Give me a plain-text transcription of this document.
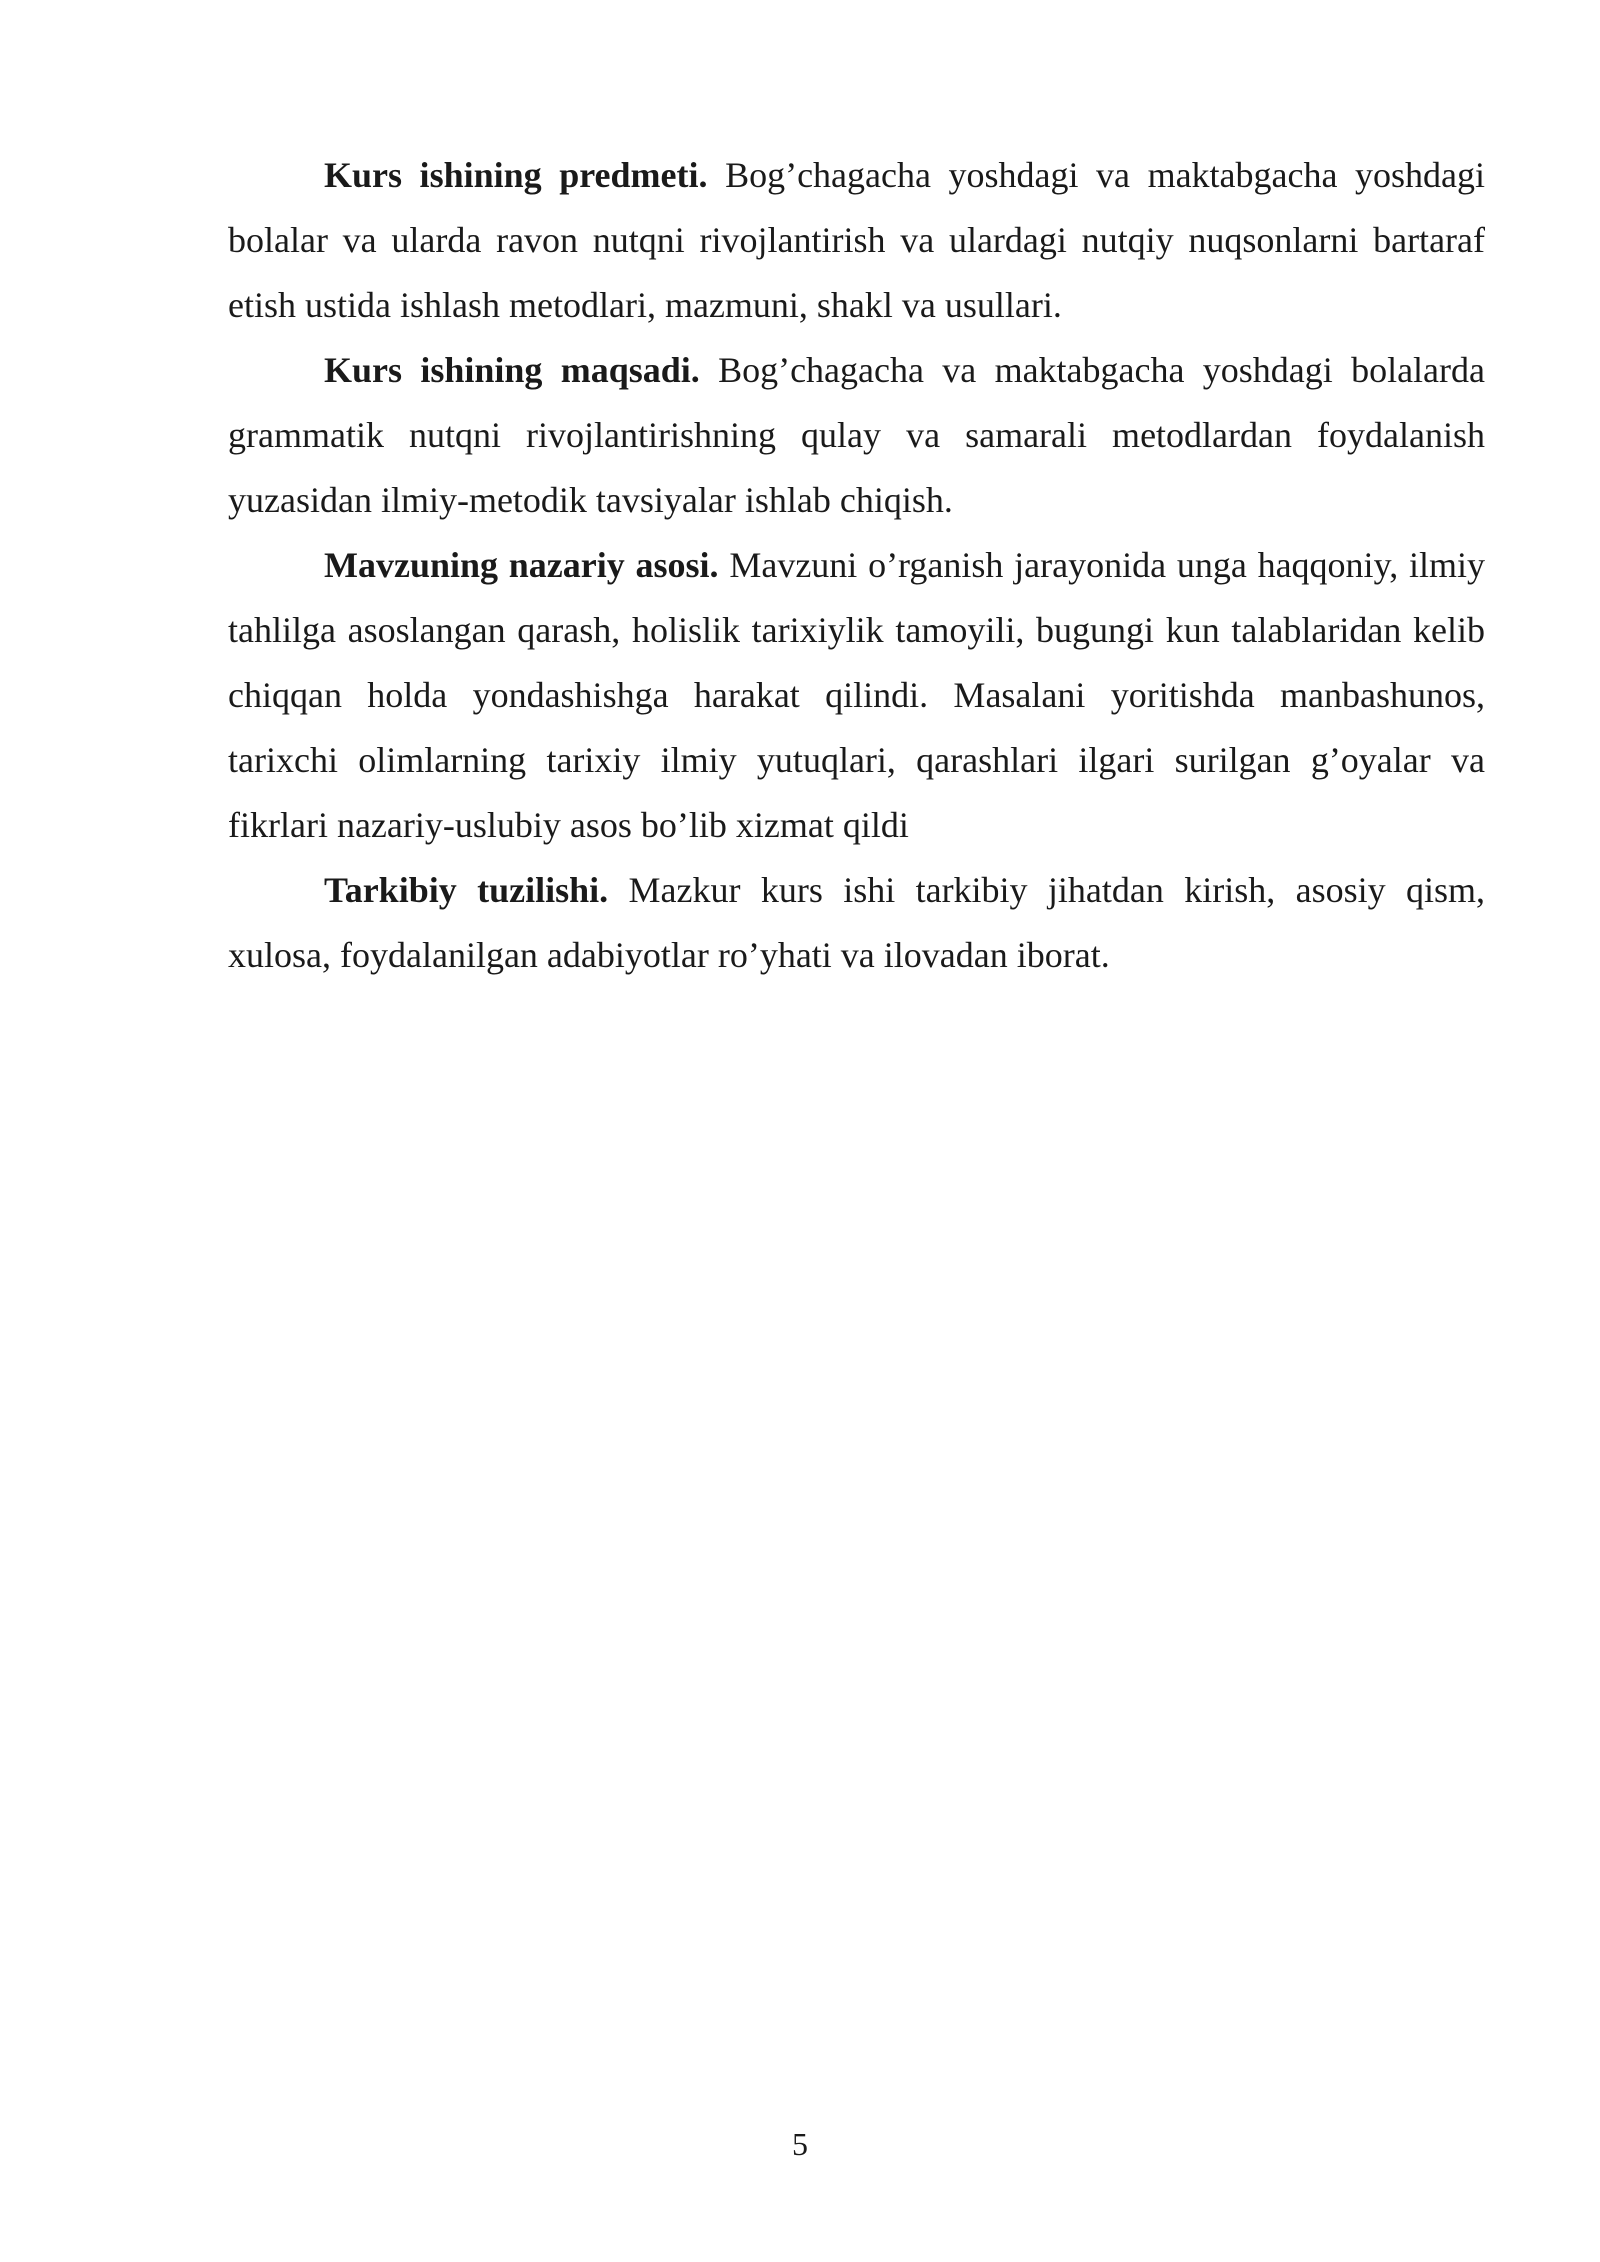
Kurs ishining predmeti. Bog’chagacha yoshdagi va maktabgacha yoshdagi bolalar va ularda ravon nutqni rivojlantirish va ulardagi nutqiy nuqsonlarni bartaraf etish ustida ishlash metodlari, mazmuni, shakl va usullari.

Kurs ishining maqsadi. Bog’chagacha va maktabgacha yoshdagi bolalarda grammatik nutqni rivojlantirishning qulay va samarali metodlardan foydalanish yuzasidan ilmiy-metodik tavsiyalar ishlab chiqish.

Mavzuning nazariy asosi. Mavzuni o’rganish jarayonida unga haqqoniy, ilmiy tahlilga asoslangan qarash, holislik tarixiylik tamoyili, bugungi kun talablaridan kelib chiqqan holda yondashishga harakat qilindi. Masalani yoritishda manbashunos, tarixchi olimlarning tarixiy ilmiy yutuqlari, qarashlari ilgari surilgan g’oyalar va fikrlari nazariy-uslubiy asos bo’lib xizmat qildi

Tarkibiy tuzilishi. Mazkur kurs ishi tarkibiy jihatdan kirish, asosiy qism, xulosa, foydalanilgan adabiyotlar ro’yhati va ilovadan iborat.

5
